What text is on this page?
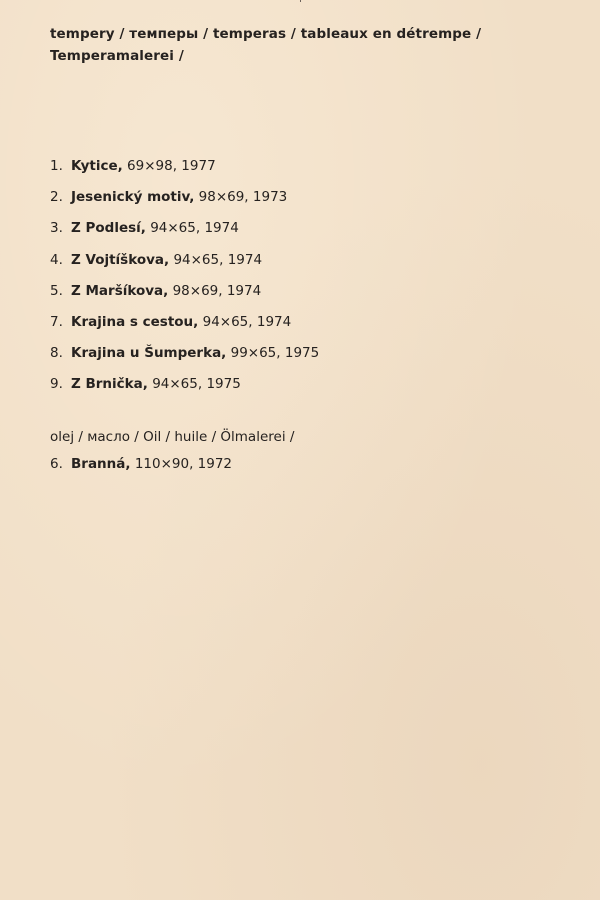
tempery / темперы / temperas / tableaux en détrempe /
Temperamalerei /
1. Kytice, 69×98, 1977
2. Jesenický motiv, 98×69, 1973
3. Z Podlesí, 94×65, 1974
4. Z Vojtíškova, 94×65, 1974
5. Z Maršíkova, 98×69, 1974
7. Krajina s cestou, 94×65, 1974
8. Krajina u Šumperka, 99×65, 1975
9. Z Brnička, 94×65, 1975
olej / масло / Oil / huile / Ölmalerei /
6. Branná, 110×90, 1972
